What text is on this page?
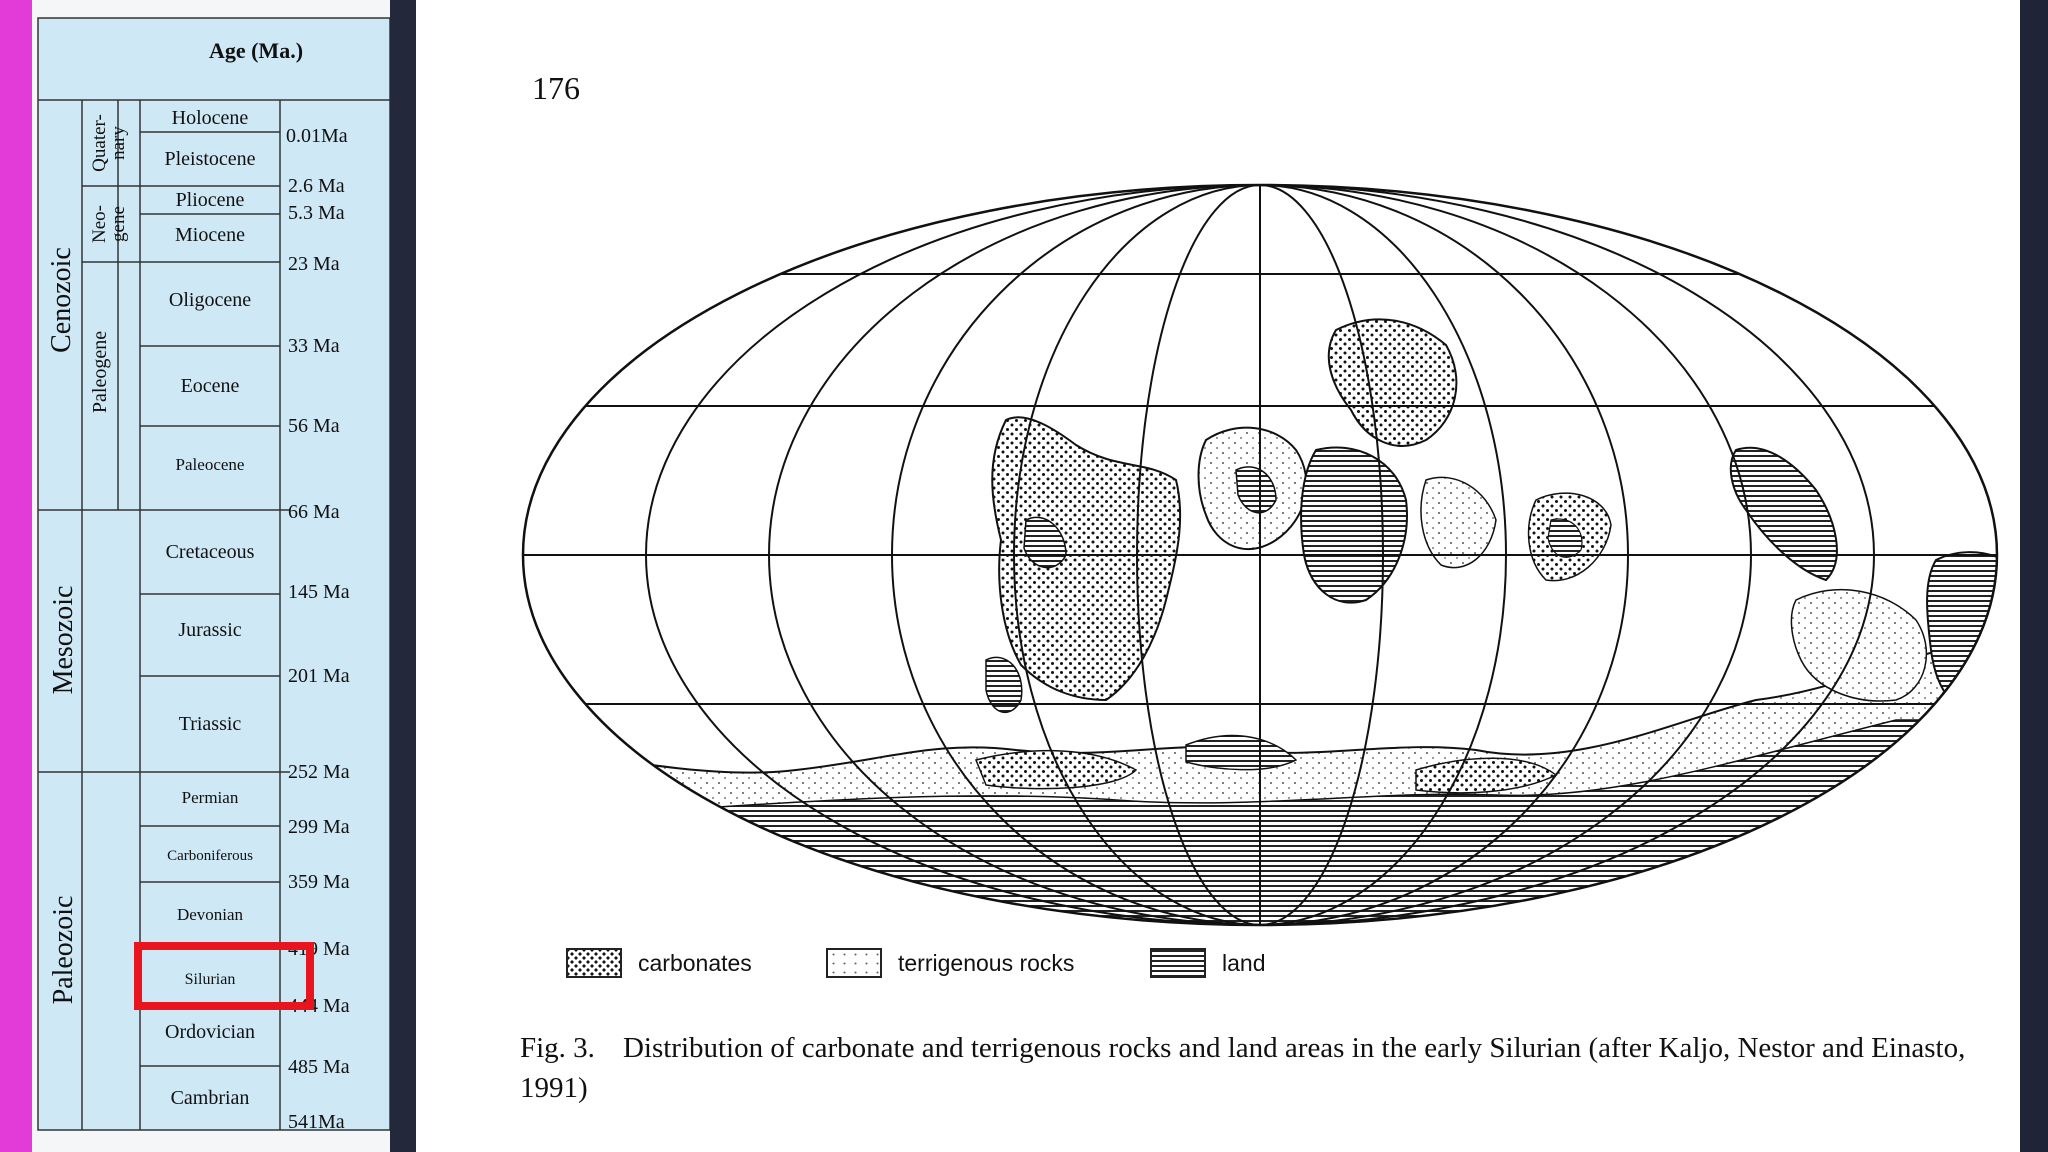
Age (Ma.)
Cenozoic
Mesozoic
Paleozoic
Quater-nary
Neo-gene
Paleogene
Holocene
Pleistocene
Pliocene
Miocene
Oligocene
Eocene
Paleocene
Cretaceous
Jurassic
Triassic
Permian
Carboniferous
Devonian
Silurian
Ordovician
Cambrian
0.01Ma
2.6 Ma
5.3 Ma
23 Ma
33 Ma
56 Ma
66 Ma
145 Ma
201 Ma
252 Ma
299 Ma
359 Ma
419 Ma
444 Ma
485 Ma
541Ma
176
carbonates	terrigenous rocks	land
Fig. 3. Distribution of carbonate and terrigenous rocks and land areas in the early Silurian (after Kaljo, Nestor and Einasto, 1991)
